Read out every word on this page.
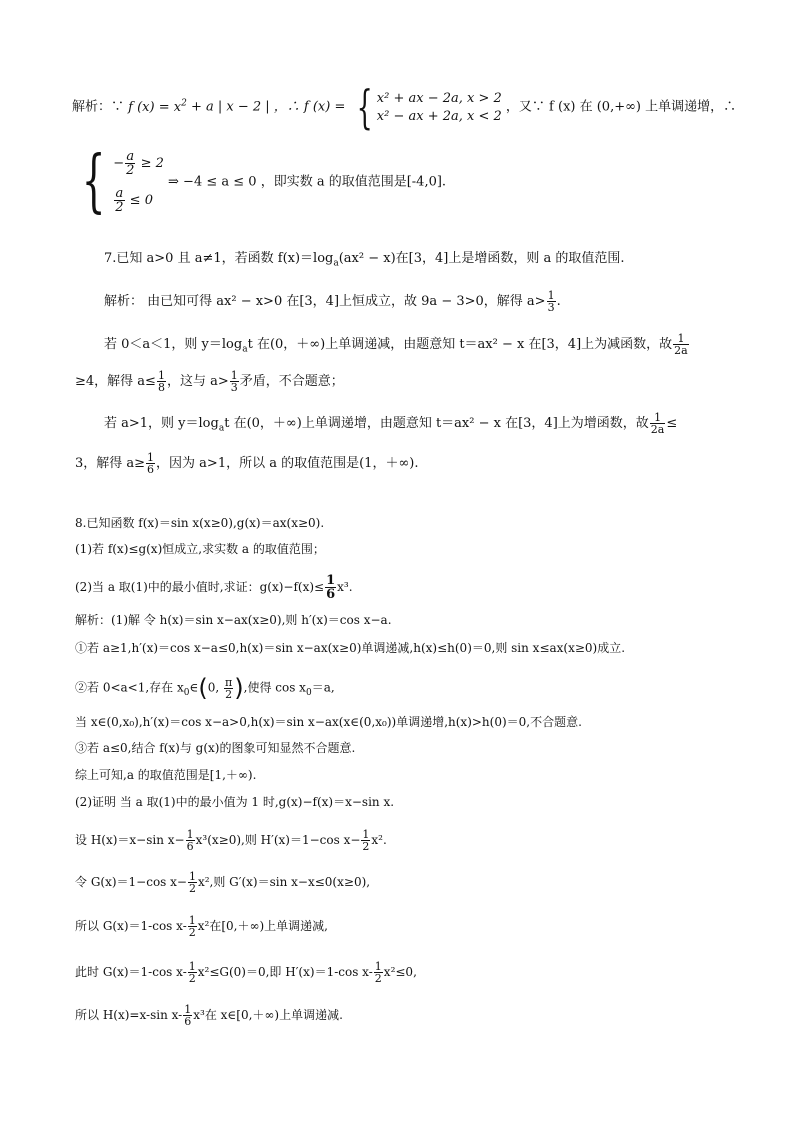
解析：∵ f $(x) = x^2 + a$ | x − 2 | ，∴ f (x) = { x² + ax − 2a, x > 2
x² − ax + 2a, x < 2
，又∵ f (x) 在 (0,+∞) 上单调递增，∴
{ − $\frac{a}{2} \ge 2$
$\frac{a}{2} \le 0$
⇒ −4 ≤ a ≤ 0 ，即实数 a 的取值范围是[-4,0].
7.已知 a>0 且 a≠1，若函数 $f(x)=\log_a(ax^2 - x)$在[3，4]上是增函数，则 a 的取值范围.
解析： 由已知可得 ax² − x>0 在[3，4]上恒成立，故 9a − 3>0，解得 $a> \frac{1}{3}$ .
若 0＜a＜1，则 $y=\log_at$ 在(0，＋∞)上单调递减，由题意知 t＝ax² − x 在[3，4]上为减函数，故 $\frac{1}{2a}$
≥4，解得 $a\le \frac{1}{8}$ ，这与 $a> \frac{1}{3}$ 矛盾，不合题意；
若 a>1，则 $y=\log_at$ 在(0，＋∞)上单调递增，由题意知 t＝ax² − x 在[3，4]上为增函数，故 $\frac{1}{2a}$ ≤
3，解得 $a\ge \frac{1}{6}$ ，因为 a>1，所以 a 的取值范围是(1，＋∞).
8.已知函数 f(x)＝sin x(x≥0),g(x)＝ax(x≥0).
(1)若 f(x)≤g(x)恒成立,求实数 a 的取值范围；
(2)当 a 取(1)中的最小值时,求证：$g(x)-f(x)\le \frac{1}{6} x^3$.
解析：(1)解 令 h(x)＝sin x−ax(x≥0),则 h′(x)＝cos x−a.
①若 a≥1,h′(x)＝cos x−a≤0,h(x)＝sin x−ax(x≥0)单调递减,h(x)≤h(0)＝0,则 sin x≤ax(x≥0)成立.
②若 0<a<1,存在 $x_0\in(0$, $\frac{\pi}{2}$ ),使得 $\cos x_0=a$,
当 x∈(0,x₀),h′(x)＝cos x−a>0,h(x)＝sin x−ax(x∈(0,x₀))单调递增,h(x)>h(0)＝0,不合题意.
③若 a≤0,结合 f(x)与 g(x)的图象可知显然不合题意.
综上可知,a 的取值范围是[1,＋∞).
(2)证明 当 a 取(1)中的最小值为 1 时,g(x)−f(x)＝x−sin x.
设 H(x)＝x−sin $x- \frac{1}{6} x^3(x\ge 0)$,则 H′(x)＝1−cos $x- \frac{1}{2} x^2$.
令 G(x)＝1−cos $x- \frac{1}{2} x^2$,则 G′(x)＝sin x−x≤0(x≥0),
所以 G(x)＝1-cos $x- \frac{1}{2} x^2$在[0,＋∞)上单调递减,
此时 G(x)＝1-cos $x- \frac{1}{2} x^2\le G(0)=0$,即 H′(x)＝1-cos $x- \frac{1}{2} x^2\le 0$,
所以 H(x)=x-sin $x- \frac{1}{6} x^3$在 x∈[0,＋∞)上单调递减.
